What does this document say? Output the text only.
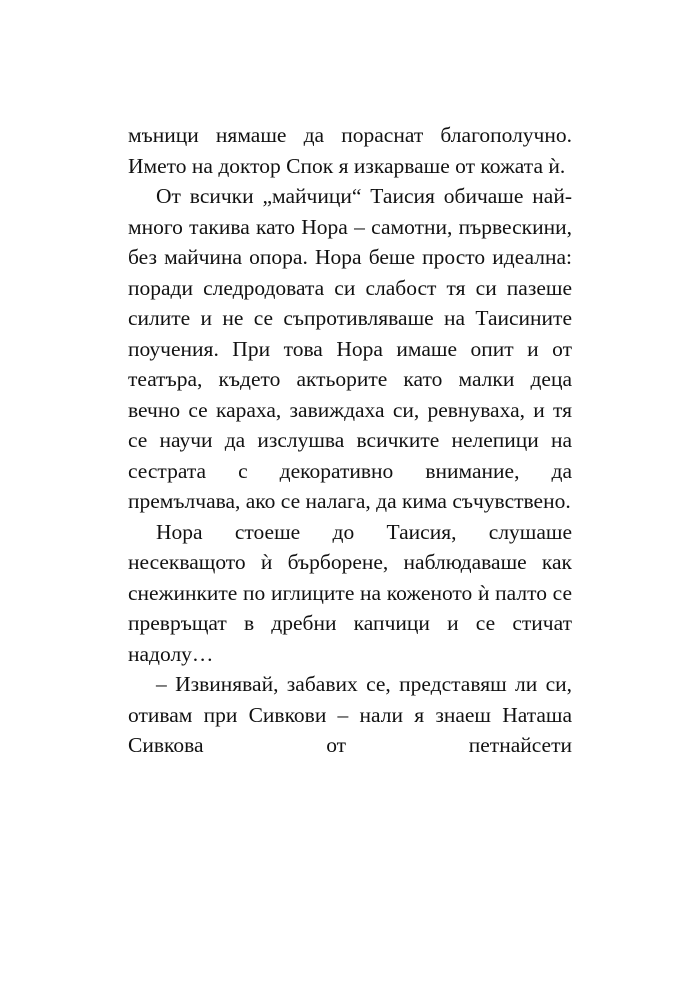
мъници нямаше да пораснат благополучно. Името на доктор Спок я изкарваше от кожата ѝ.

От всички „майчици“ Таисия обичаше най-много такива като Нора – самотни, първескини, без майчина опора. Нора беше просто идеална: поради следродовата си слабост тя си пазеше силите и не се съпротивляваше на Таисините поучения. При това Нора имаше опит и от театъра, където актьорите като малки деца вечно се караха, завиждаха си, ревнуваха, и тя се научи да изслушва всичките нелепици на сестрата с декоративно внимание, да премълчава, ако се налага, да кима съчувствено.

Нора стоеше до Таисия, слушаше несекващото ѝ бърборене, наблюдаваше как снежинките по иглиците на коженото ѝ палто се превръщат в дребни капчици и се стичат надолу…

– Извинявай, забавих се, представяш ли си, отивам при Сивкови – нали я знаеш Наташа Сивкова от петнайсети
